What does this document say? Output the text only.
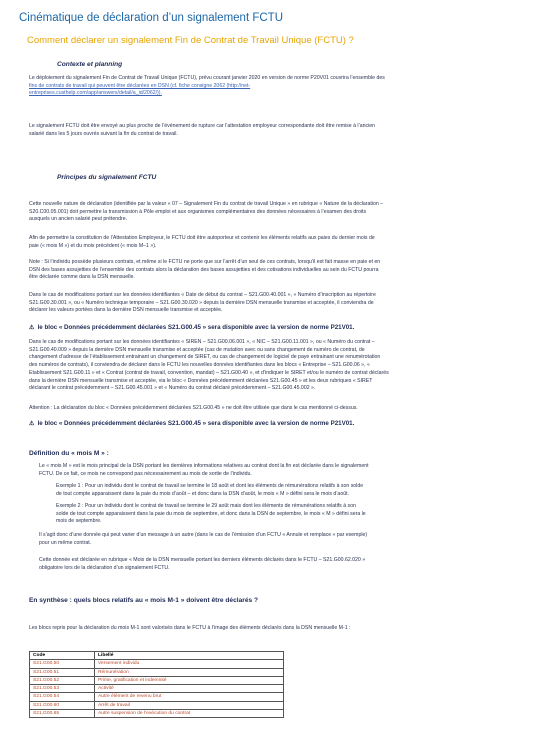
Cinématique de déclaration d’un signalement FCTU
Comment déclarer un signalement Fin de Contrat de Travail Unique (FCTU) ?
Contexte et planning
Le déploiement du signalement Fin de Contrat de Travail Unique (FCTU), prévu courant janvier 2020 en version de norme P20V01 couvrira l’ensemble des
fins de contrats de travail qui peuvent être déclarées en DSN (cf. fiche consigne 2062 (http://net-
entreprises.custhelp.com/app/answers/detail/a_id/2062/)).
Le signalement FCTU doit être envoyé au plus proche de l’événement de rupture car l’attestation employeur correspondante doit être remise à l’ancien
salarié dans les 5 jours ouvrés suivant la fin du contrat de travail.
Principes du signalement FCTU
Cette nouvelle nature de déclaration (identifiée par la valeur « 07 – Signalement Fin du contrat de travail Unique » en rubrique « Nature de la déclaration –
S20.C00.05.001) doit permettre la transmission à Pôle emploi et aux organismes complémentaires des données nécessaires à l’examen des droits
auxquels un ancien salarié peut prétendre.
Afin de permettre la constitution de l’Attestation Employeur, le FCTU doit être autoporteur et contenir les éléments relatifs aux paies du dernier mois de
paie (« mois M ») et du mois précédent (« mois M–1 »).
Note : Si l’individu possède plusieurs contrats, et même si le FCTU ne porte que sur l’arrêt d’un seul de ces contrats, lorsqu’il est fait masse en paie et en
DSN des bases assujetties de l’ensemble des contrats alors la déclaration des bases assujetties et des cotisations individuelles au sein du FCTU pourra
être déclarée comme dans la DSN mensuelle.
Dans le cas de modifications portant sur les données identifiantes « Date de début du contrat – S21.G00.40.001 », « Numéro d’inscription au répertoire
S21.G00.30.001 », ou « Numéro technique temporaire – S21.G00.30.020 » depuis la dernière DSN mensuelle transmise et acceptée, il conviendra de
déclarer les valeurs portées dans la dernière DSN mensuelle transmise et acceptée.
⚠ le bloc « Données précédemment déclarées S21.G00.45 » sera disponible avec la version de norme P21V01.
Dans le cas de modifications portant sur les données identifiantes « SIREN – S21.G00.06.001 », « NIC – S21.G00.11.001 », ou « Numéro du contrat –
S21.G00.40.009 » depuis la dernière DSN mensuelle transmise et acceptée (cas de mutation avec ou sans changement de numéro de contrat, de
changement d’adresse de l’établissement entrainant un changement de SIRET, ou cas de changement de logiciel de paye entrainant une renumérotation
des numéros de contrats), il conviendra de déclarer dans le FCTU les nouvelles données identifiantes dans les blocs « Entreprise – S21.G00.06 », «
Etablissement S21.G00.11 » et « Contrat (contrat de travail, convention, mandat) – S21.G00.40 », et d’indiquer le SIRET et/ou le numéro de contrat déclarés
dans la dernière DSN mensuelle transmise et acceptée, via le bloc « Données précédemment déclarées S21.G00.45 » et les deux rubriques « SIRET
déclarant le contrat précédemment – S21.G00.45.001 » et « Numéro du contrat déclaré précédemment – S21.G00.45.002 ».
Attention : La déclaration du bloc « Données précédemment déclarées S21.G00.45 » ne doit être utilisée que dans le cas mentionné ci-dessus.
⚠ le bloc « Données précédemment déclarées S21.G00.45 » sera disponible avec la version de norme P21V01.
Définition du « mois M » :
Le « mois M » est le mois principal de la DSN portant les dernières informations relatives au contrat dont la fin est déclarée dans le signalement
FCTU. De ce fait, ce mois ne correspond pas nécessairement au mois de sortie de l’individu.
Exemple 1 : Pour un individu dont le contrat de travail se termine le 18 août et dont les éléments de rémunérations relatifs à son solde
de tout compte apparaissent dans la paie du mois d’août – et donc dans la DSN d’août, le mois « M » défini sera le mois d’août.
Exemple 2 : Pour un individu dont le contrat de travail se termine le 29 août mais dont les éléments de rémunérations relatifs à son
solde de tout compte apparaissent dans la paie du mois de septembre, et donc dans la DSN de septembre, le mois « M » défini sera le
mois de septembre.
Il s’agit donc d’une donnée qui peut varier d’un message à un autre (dans le cas de l’émission d’un FCTU « Annule et remplace » par exemple)
pour un même contrat.
Cette donnée est déclarée en rubrique « Mois de la DSN mensuelle portant les derniers éléments déclarés dans le FCTU – S21.G00.62.020 »
obligatoire lors de la déclaration d’un signalement FCTU.
En synthèse : quels blocs relatifs au « mois M-1 » doivent être déclarés ?
Les blocs repris pour la déclaration du mois M-1 sont valorisés dans le FCTU à l’image des éléments déclarés dans la DSN mensuelle M-1 :
Code	Libellé
S21.G00.50	Versement individu
S21.G00.51	Rémunération
S21.G00.52	Prime, gratification et indemnité
S21.G00.53	Activité
S21.G00.54	Autre élément de revenu brut
S21.G00.60	Arrêt de travail
S21.G00.65	Autre suspension de l’exécution du contrat
